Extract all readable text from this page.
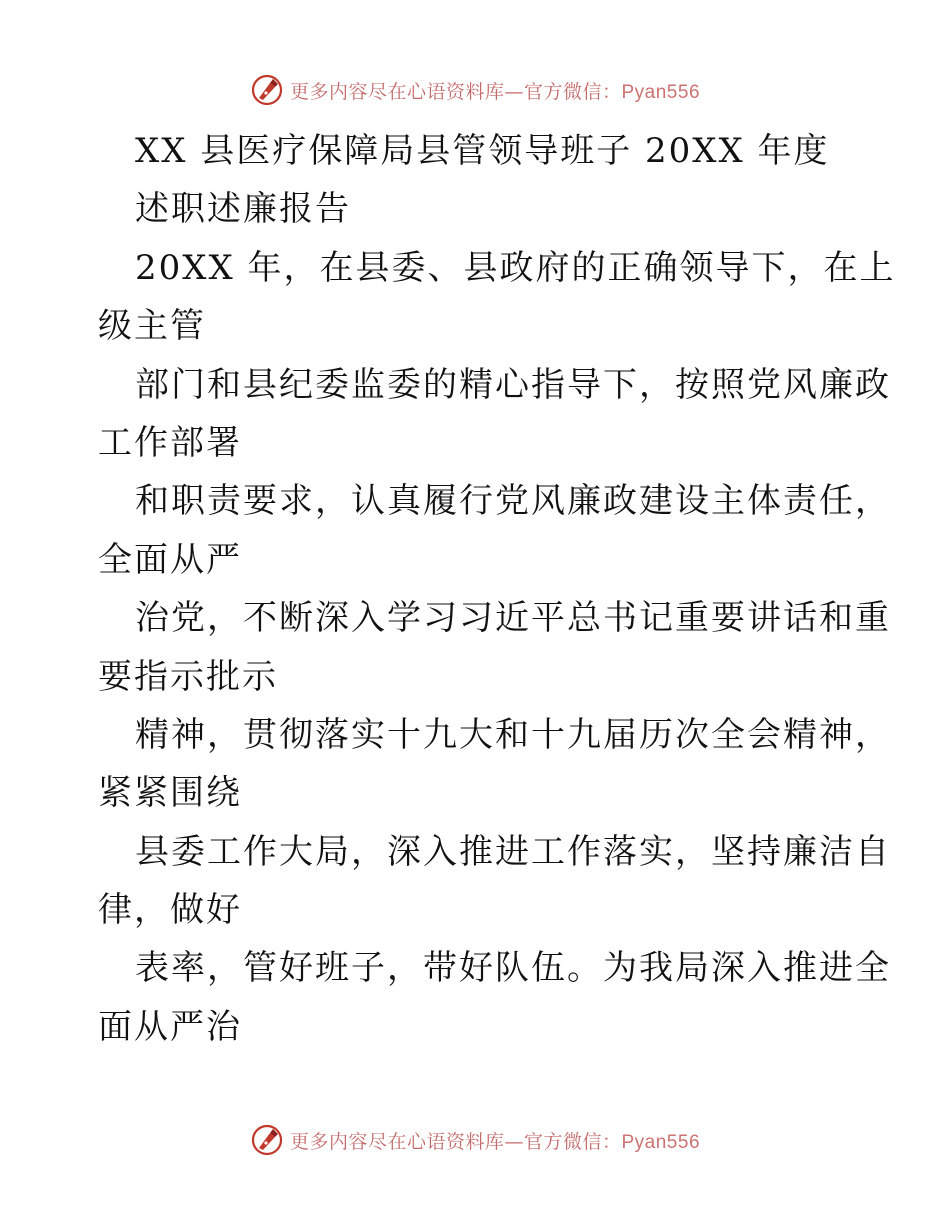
更多内容尽在心语资料库—官方微信：Pyan556
XX 县医疗保障局县管领导班子 20XX 年度
述职述廉报告
20XX 年，在县委、县政府的正确领导下，在上
级主管
部门和县纪委监委的精心指导下，按照党风廉政
工作部署
和职责要求，认真履行党风廉政建设主体责任，
全面从严
治党，不断深入学习习近平总书记重要讲话和重
要指示批示
精神，贯彻落实十九大和十九届历次全会精神，
紧紧围绕
县委工作大局，深入推进工作落实，坚持廉洁自
律，做好
表率，管好班子，带好队伍。为我局深入推进全
面从严治
更多内容尽在心语资料库—官方微信：Pyan556
